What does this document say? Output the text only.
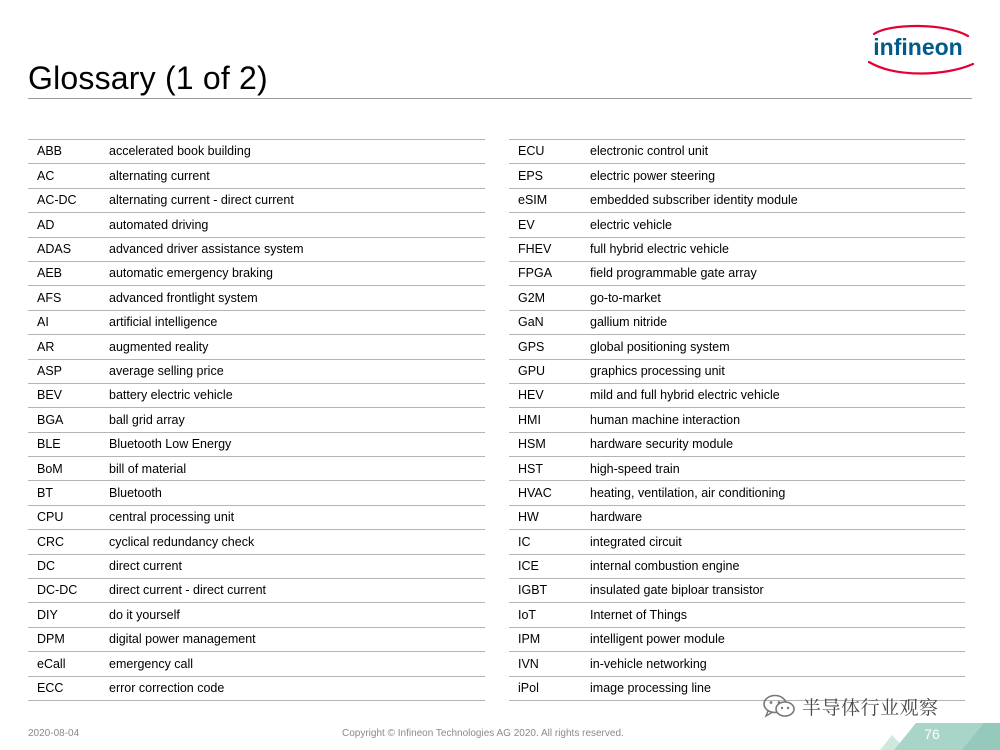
Glossary (1 of 2)
infineon
ABB	accelerated book building
AC	alternating current
AC-DC	alternating current - direct current
AD	automated driving
ADAS	advanced driver assistance system
AEB	automatic emergency braking
AFS	advanced frontlight system
AI	artificial intelligence
AR	augmented reality
ASP	average selling price
BEV	battery electric vehicle
BGA	ball grid array
BLE	Bluetooth Low Energy
BoM	bill of material
BT	Bluetooth
CPU	central processing unit
CRC	cyclical redundancy check
DC	direct current
DC-DC	direct current - direct current
DIY	do it yourself
DPM	digital power management
eCall	emergency call
ECC	error correction code
ECU	electronic control unit
EPS	electric power steering
eSIM	embedded subscriber identity module
EV	electric vehicle
FHEV	full hybrid electric vehicle
FPGA	field programmable gate array
G2M	go-to-market
GaN	gallium nitride
GPS	global positioning system
GPU	graphics processing unit
HEV	mild and full hybrid electric vehicle
HMI	human machine interaction
HSM	hardware security module
HST	high-speed train
HVAC	heating, ventilation, air conditioning
HW	hardware
IC	integrated circuit
ICE	internal combustion engine
IGBT	insulated gate biploar transistor
IoT	Internet of Things
IPM	intelligent power module
IVN	in-vehicle networking
iPol	image processing line
2020-08-04	Copyright © Infineon Technologies AG 2020. All rights reserved.
半导体行业观察
76
